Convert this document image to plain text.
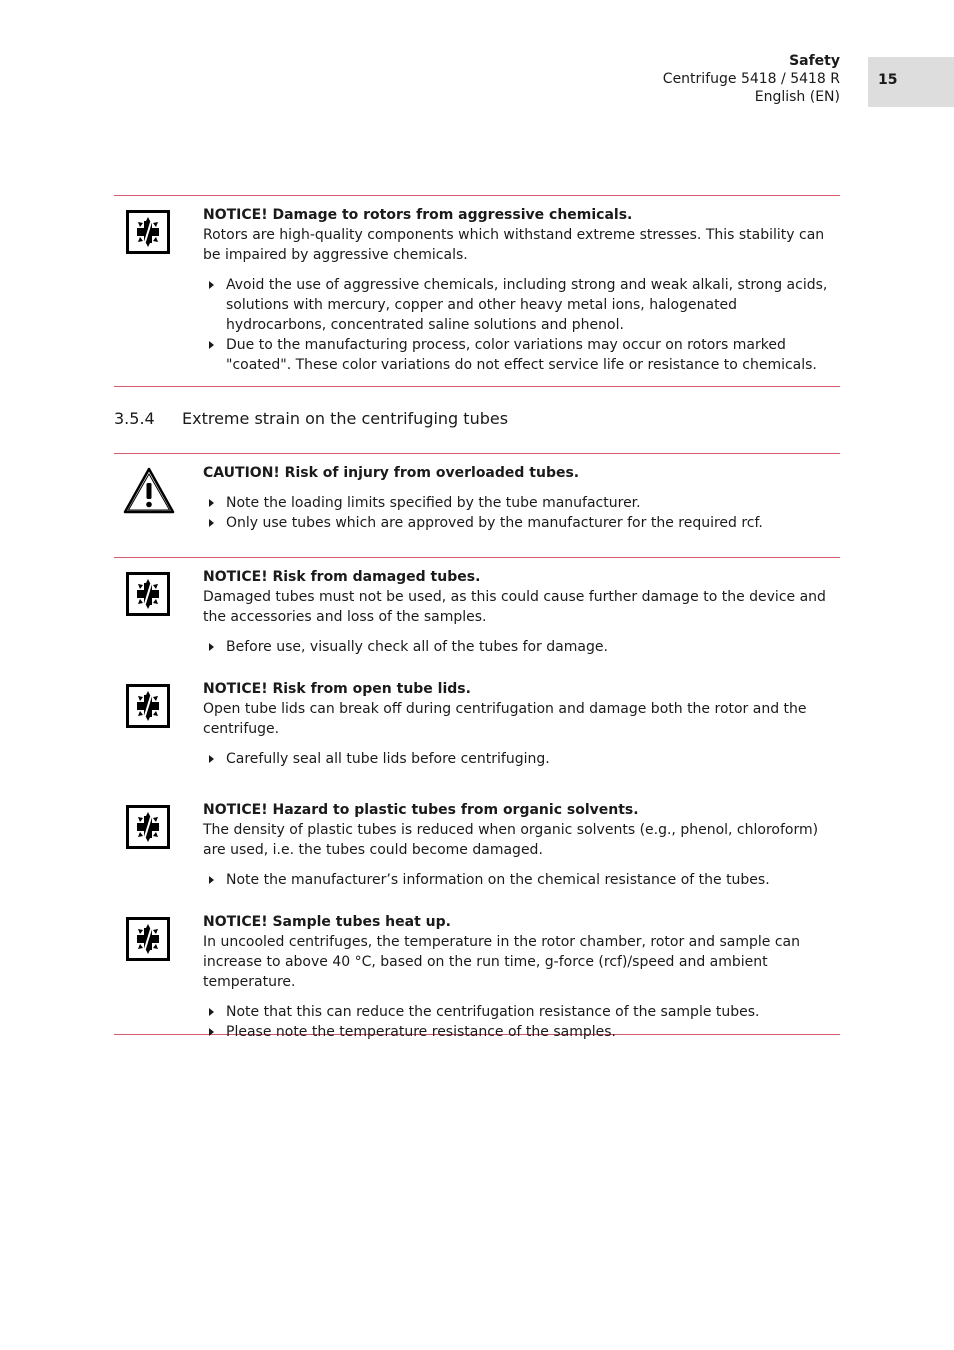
Safety
Centrifuge 5418 / 5418 R
English (EN)
15
NOTICE! Damage to rotors from aggressive chemicals.
Rotors are high-quality components which withstand extreme stresses. This stability can be impaired by aggressive chemicals.
Avoid the use of aggressive chemicals, including strong and weak alkali, strong acids, solutions with mercury, copper and other heavy metal ions, halogenated hydrocarbons, concentrated saline solutions and phenol.
Due to the manufacturing process, color variations may occur on rotors marked "coated". These color variations do not effect service life or resistance to chemicals.
3.5.4 Extreme strain on the centrifuging tubes
CAUTION! Risk of injury from overloaded tubes.
Note the loading limits specified by the tube manufacturer.
Only use tubes which are approved by the manufacturer for the required rcf.
NOTICE! Risk from damaged tubes.
Damaged tubes must not be used, as this could cause further damage to the device and the accessories and loss of the samples.
Before use, visually check all of the tubes for damage.
NOTICE! Risk from open tube lids.
Open tube lids can break off during centrifugation and damage both the rotor and the centrifuge.
Carefully seal all tube lids before centrifuging.
NOTICE! Hazard to plastic tubes from organic solvents.
The density of plastic tubes is reduced when organic solvents (e.g., phenol, chloroform) are used, i.e. the tubes could become damaged.
Note the manufacturer’s information on the chemical resistance of the tubes.
NOTICE! Sample tubes heat up.
In uncooled centrifuges, the temperature in the rotor chamber, rotor and sample can increase to above 40 °C, based on the run time, g-force (rcf)/speed and ambient temperature.
Note that this can reduce the centrifugation resistance of the sample tubes.
Please note the temperature resistance of the samples.
